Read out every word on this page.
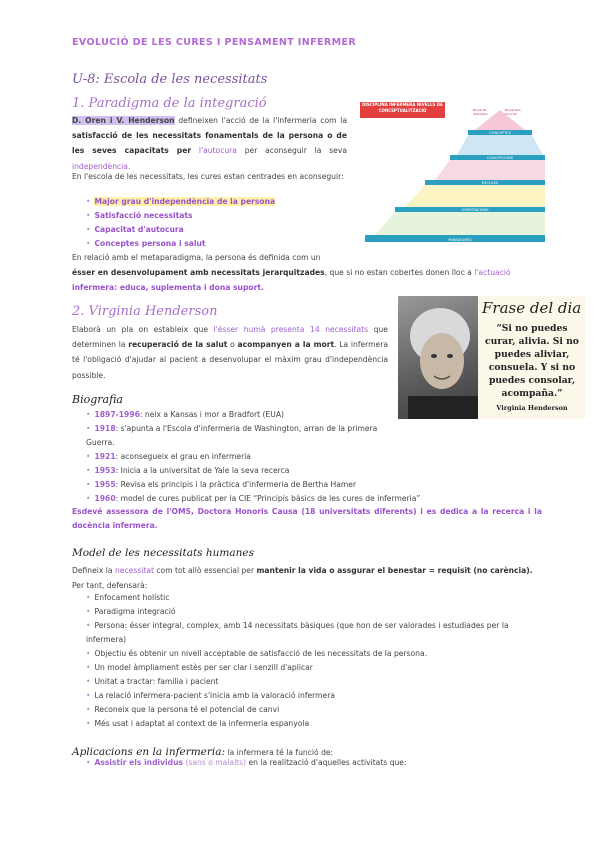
EVOLUCIÓ DE LES CURES I PENSAMENT INFERMER
U-8: Escola de les necessitats
1. Paradigma de la integració
D. Oren i V. Henderson defineixen l'acció de la l'infermeria com la satisfacció de les necessitats fonamentals de la persona o de les seves capacitats per l'autocura per aconseguir la seva independència.
En l'escola de les necessitats, les cures estan centrades en aconseguir:
• Major grau d'independència de la persona
• Satisfacció necessitats
• Capacitat d'autocura
• Conceptes persona i salut
En relació amb el metaparadigma, la persona és definida com un
ésser en desenvolupament amb necessitats jerarquitzades, que si no estan cobertes donen lloc a l'actuació
infermera: educa, suplementa i dona suport.
CONCEPTES
CONCEPCIONS
ESCOLES
ORIENTACIONS
PARADIGMES
Nivell alt
Abstracte
Nivell baix
Concret
DISCIPLINA INFERMERA NIVELLS DE CONCEPTUALITZACIÓ
2. Virginia Henderson
Elaborà un pla on estableix que l'ésser humà presenta 14 necessitats que determinen la recuperació de la salut o acompanyen a la mort. La infermera té l'obligació d'ajudar al pacient a desenvolupar el màxim grau d'independència possible.
Frase del dia
“Si no puedes curar, alivia. Si no puedes aliviar, consuela. Y si no puedes consolar, acompaña.”
Virginia Henderson
Biografia
• 1897-1996: neix a Kansas i mor a Bradfort (EUA)
• 1918: s'apunta a l'Escola d'infermeria de Washington, arran de la primera Guerra.
• 1921: aconsegueix el grau en infermeria
• 1953: Inicia a la universitat de Yale la seva recerca
• 1955: Revisa els principis i la pràctica d'infermeria de Bertha Hamer
• 1960: model de cures publicat per la CIE “Principis bàsics de les cures de infermeria”
Esdevé assessora de l'OMS, Doctora Honoris Causa (18 universitats diferents) i es dedica a la recerca i la docència infermera.
Model de les necessitats humanes
Defineix la necessitat com tot allò essencial per mantenir la vida o assgurar el benestar = requisit (no carència).
Per tant, defensarà:
• Enfocament holístic
• Paradigma integració
• Persona: ésser integral, complex, amb 14 necessitats bàsiques (que hon de ser valorades i estudiades per la infermera)
• Objectiu és obtenir un nivell acceptable de satisfacció de les necessitats de la persona.
• Un model àmpliament estès per ser clar i senzill d'aplicar
• Unitat a tractar: família i pacient
• La relació infermera-pacient s'inicia amb la valoració infermera
• Reconeix que la persona té el potencial de canvi
• Més usat i adaptat al context de la infermeria espanyola
Aplicacions en la infermeria: la infermera té la funció de:
• Assistir els individus (sans o malalts) en la realització d'aquelles activitats que:
